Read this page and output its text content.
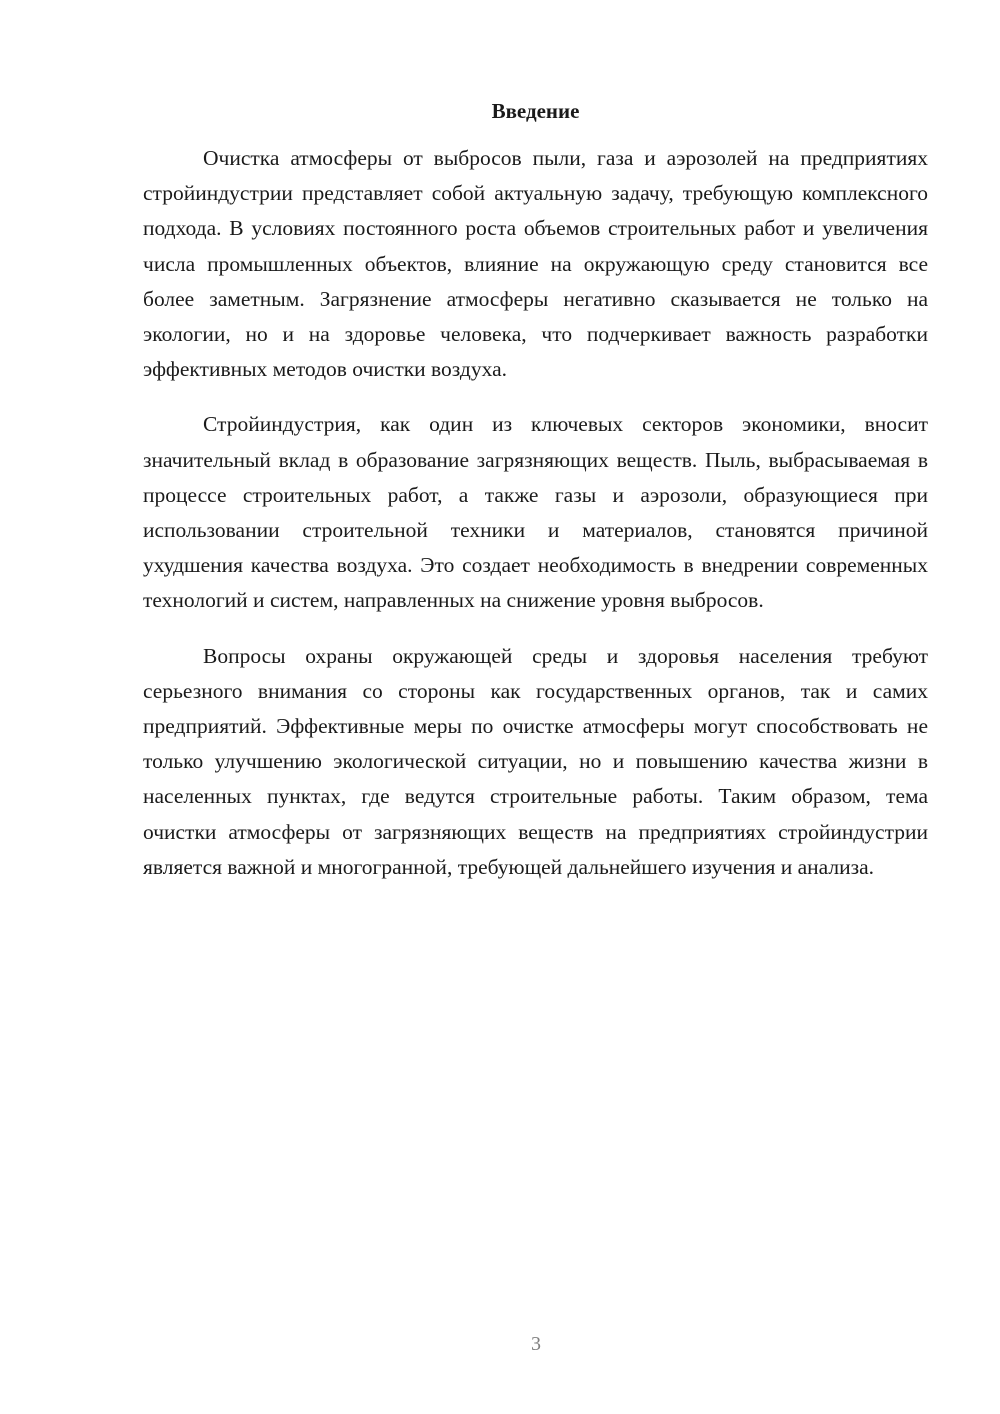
Введение

Очистка атмосферы от выбросов пыли, газа и аэрозолей на предприятиях стройиндустрии представляет собой актуальную задачу, требующую комплексного подхода. В условиях постоянного роста объемов строительных работ и увеличения числа промышленных объектов, влияние на окружающую среду становится все более заметным. Загрязнение атмосферы негативно сказывается не только на экологии, но и на здоровье человека, что подчеркивает важность разработки эффективных методов очистки воздуха.

Стройиндустрия, как один из ключевых секторов экономики, вносит значительный вклад в образование загрязняющих веществ. Пыль, выбрасываемая в процессе строительных работ, а также газы и аэрозоли, образующиеся при использовании строительной техники и материалов, становятся причиной ухудшения качества воздуха. Это создает необходимость в внедрении современных технологий и систем, направленных на снижение уровня выбросов.

Вопросы охраны окружающей среды и здоровья населения требуют серьезного внимания со стороны как государственных органов, так и самих предприятий. Эффективные меры по очистке атмосферы могут способствовать не только улучшению экологической ситуации, но и повышению качества жизни в населенных пунктах, где ведутся строительные работы. Таким образом, тема очистки атмосферы от загрязняющих веществ на предприятиях стройиндустрии является важной и многогранной, требующей дальнейшего изучения и анализа.

3
